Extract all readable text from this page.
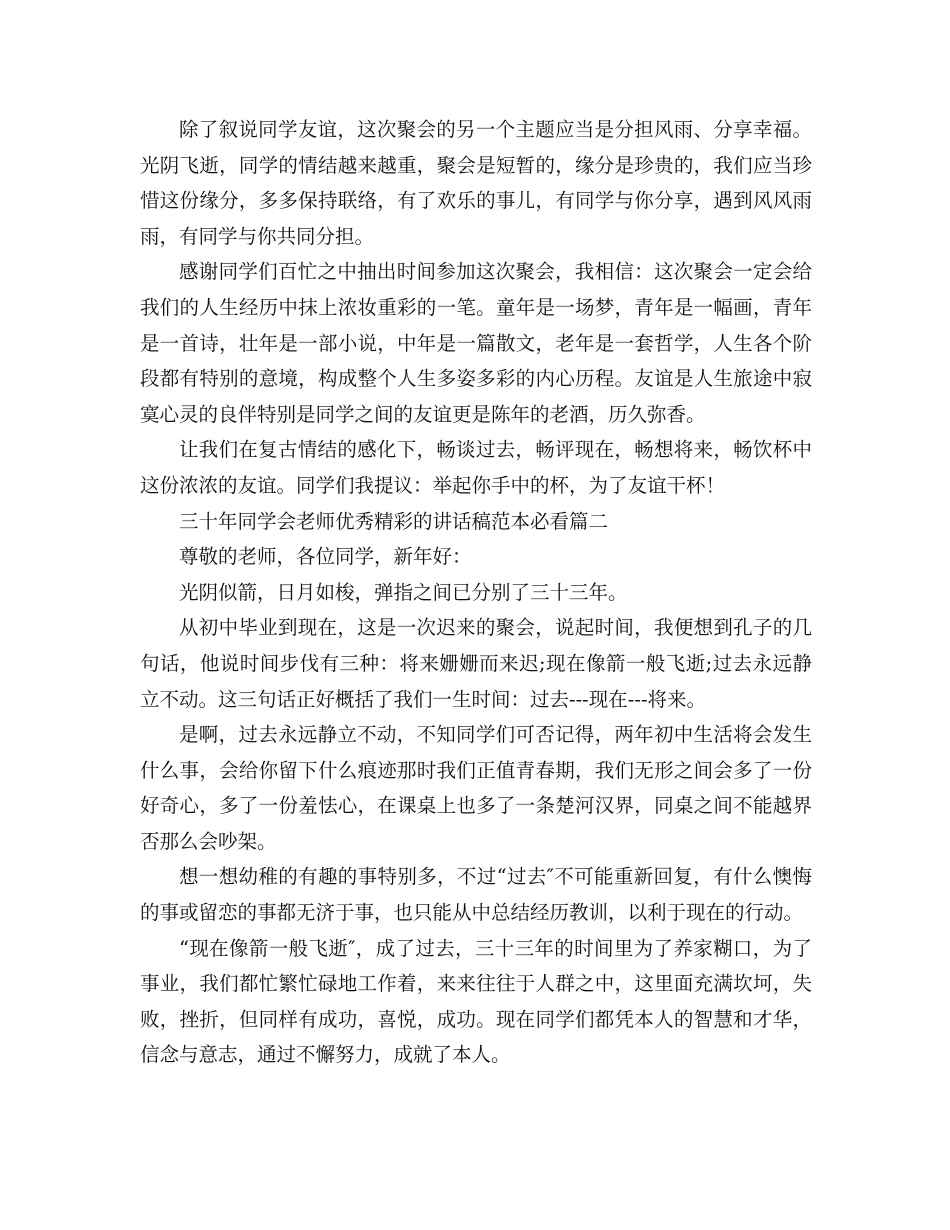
除了叙说同学友谊，这次聚会的另一个主题应当是分担风雨、分享幸福。光阴飞逝，同学的情结越来越重，聚会是短暂的，缘分是珍贵的，我们应当珍惜这份缘分，多多保持联络，有了欢乐的事儿，有同学与你分享，遇到风风雨雨，有同学与你共同分担。

感谢同学们百忙之中抽出时间参加这次聚会，我相信：这次聚会一定会给我们的人生经历中抹上浓妆重彩的一笔。童年是一场梦，青年是一幅画，青年是一首诗，壮年是一部小说，中年是一篇散文，老年是一套哲学，人生各个阶段都有特别的意境，构成整个人生多姿多彩的内心历程。友谊是人生旅途中寂寞心灵的良伴特别是同学之间的友谊更是陈年的老酒，历久弥香。

让我们在复古情结的感化下，畅谈过去，畅评现在，畅想将来，畅饮杯中这份浓浓的友谊。同学们我提议：举起你手中的杯，为了友谊干杯！

三十年同学会老师优秀精彩的讲话稿范本必看篇二

尊敬的老师，各位同学，新年好：

光阴似箭，日月如梭，弹指之间已分别了三十三年。

从初中毕业到现在，这是一次迟来的聚会，说起时间，我便想到孔子的几句话，他说时间步伐有三种：将来姗姗而来迟;现在像箭一般飞逝;过去永远静立不动。这三句话正好概括了我们一生时间：过去---现在---将来。

是啊，过去永远静立不动，不知同学们可否记得，两年初中生活将会发生什么事，会给你留下什么痕迹那时我们正值青春期，我们无形之间会多了一份好奇心，多了一份羞怯心，在课桌上也多了一条楚河汉界，同桌之间不能越界否那么会吵架。

想一想幼稚的有趣的事特别多，不过“过去″不可能重新回复，有什么懊悔的事或留恋的事都无济于事，也只能从中总结经历教训，以利于现在的行动。

“现在像箭一般飞逝″，成了过去，三十三年的时间里为了养家糊口，为了事业，我们都忙繁忙碌地工作着，来来往往于人群之中，这里面充满坎坷，失败，挫折，但同样有成功，喜悦，成功。现在同学们都凭本人的智慧和才华，信念与意志，通过不懈努力，成就了本人。
